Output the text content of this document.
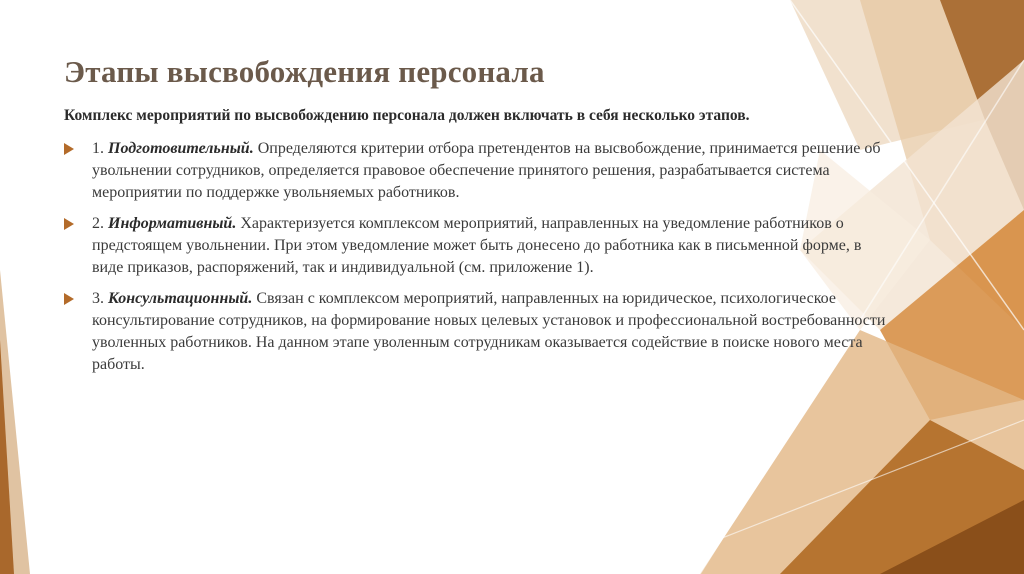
Этапы высвобождения персонала
Комплекс мероприятий по высвобождению персонала должен включать в себя несколько этапов.
1. Подготовительный. Определяются критерии отбора претендентов на высвобождение, принимается решение об увольнении сотрудников, определяется правовое обеспечение принятого решения, разрабатывается система мероприятии по поддержке увольняемых работников.
2. Информативный. Характеризуется комплексом мероприятий, направленных на уведомление работников о предстоящем увольнении. При этом уведомление может быть донесено до работника как в письменной форме, в виде приказов, распоряжений, так и индивидуальной (см. приложение 1).
3. Консультационный. Связан с комплексом мероприятий, направленных на юридическое, психологическое консультирование сотрудников, на формирование новых целевых установок и профессиональной востребованности уволенных работников. На данном этапе уволенным сотрудникам оказывается содействие в поиске нового места работы.
